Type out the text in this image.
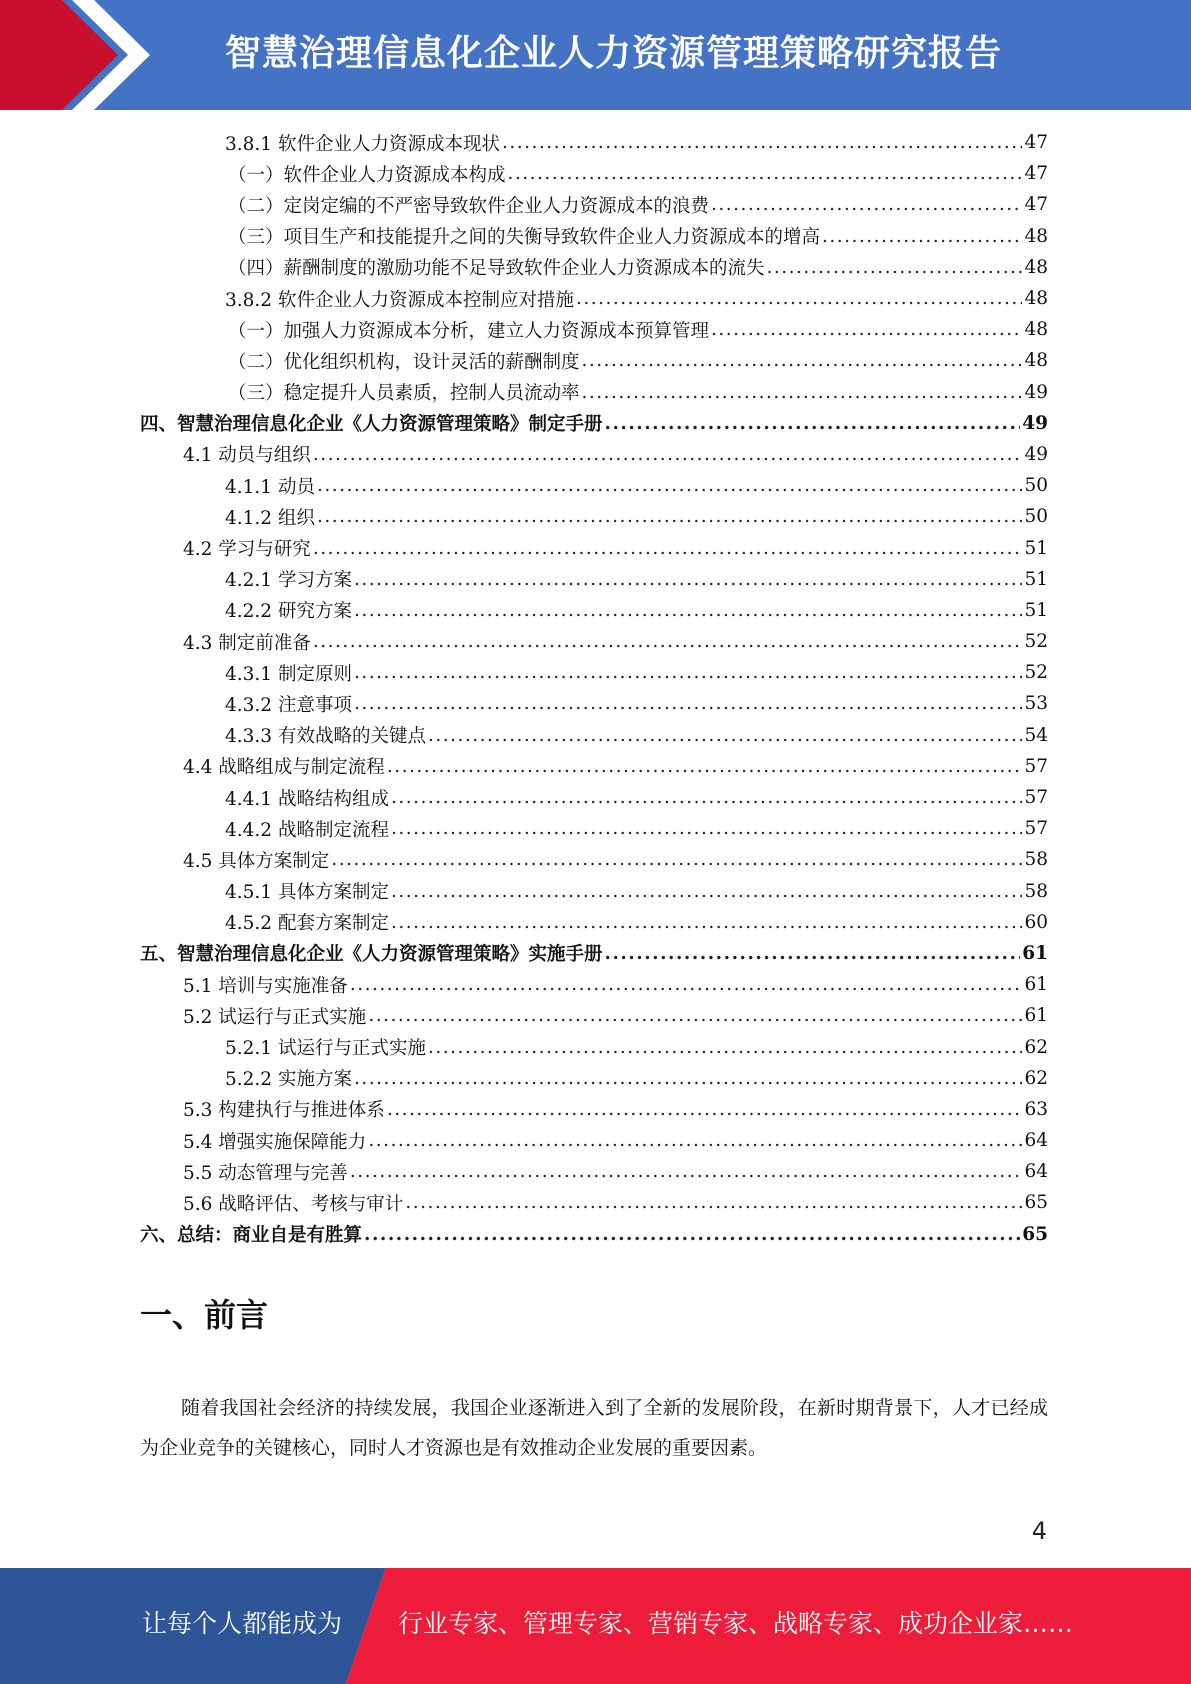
智慧治理信息化企业人力资源管理策略研究报告
3.8.1 软件企业人力资源成本现状 .....	47
（一）软件企业人力资源成本构成 .....	47
（二）定岗定编的不严密导致软件企业人力资源成本的浪费 .....	47
（三）项目生产和技能提升之间的失衡导致软件企业人力资源成本的增高 .....	48
（四）薪酬制度的激励功能不足导致软件企业人力资源成本的流失 .....	48
3.8.2 软件企业人力资源成本控制应对措施 .....	48
（一）加强人力资源成本分析，建立人力资源成本预算管理 .....	48
（二）优化组织机构，设计灵活的薪酬制度 .....	48
（三）稳定提升人员素质，控制人员流动率 .....	49
四、智慧治理信息化企业《人力资源管理策略》制定手册 .....	49
4.1 动员与组织 .....	49
4.1.1 动员 .....	50
4.1.2 组织 .....	50
4.2 学习与研究 .....	51
4.2.1 学习方案 .....	51
4.2.2 研究方案 .....	51
4.3 制定前准备 .....	52
4.3.1 制定原则 .....	52
4.3.2 注意事项 .....	53
4.3.3 有效战略的关键点 .....	54
4.4 战略组成与制定流程 .....	57
4.4.1 战略结构组成 .....	57
4.4.2 战略制定流程 .....	57
4.5 具体方案制定 .....	58
4.5.1 具体方案制定 .....	58
4.5.2 配套方案制定 .....	60
五、智慧治理信息化企业《人力资源管理策略》实施手册 .....	61
5.1 培训与实施准备 .....	61
5.2 试运行与正式实施 .....	61
5.2.1 试运行与正式实施 .....	62
5.2.2 实施方案 .....	62
5.3 构建执行与推进体系 .....	63
5.4 增强实施保障能力 .....	64
5.5 动态管理与完善 .....	64
5.6 战略评估、考核与审计 .....	65
六、总结：商业自是有胜算 .....	65
一、前言
随着我国社会经济的持续发展，我国企业逐渐进入到了全新的发展阶段，在新时期背景下，人才已经成为企业竞争的关键核心，同时人才资源也是有效推动企业发展的重要因素。
4
让每个人都能成为 行业专家、管理专家、营销专家、战略专家、成功企业家……
